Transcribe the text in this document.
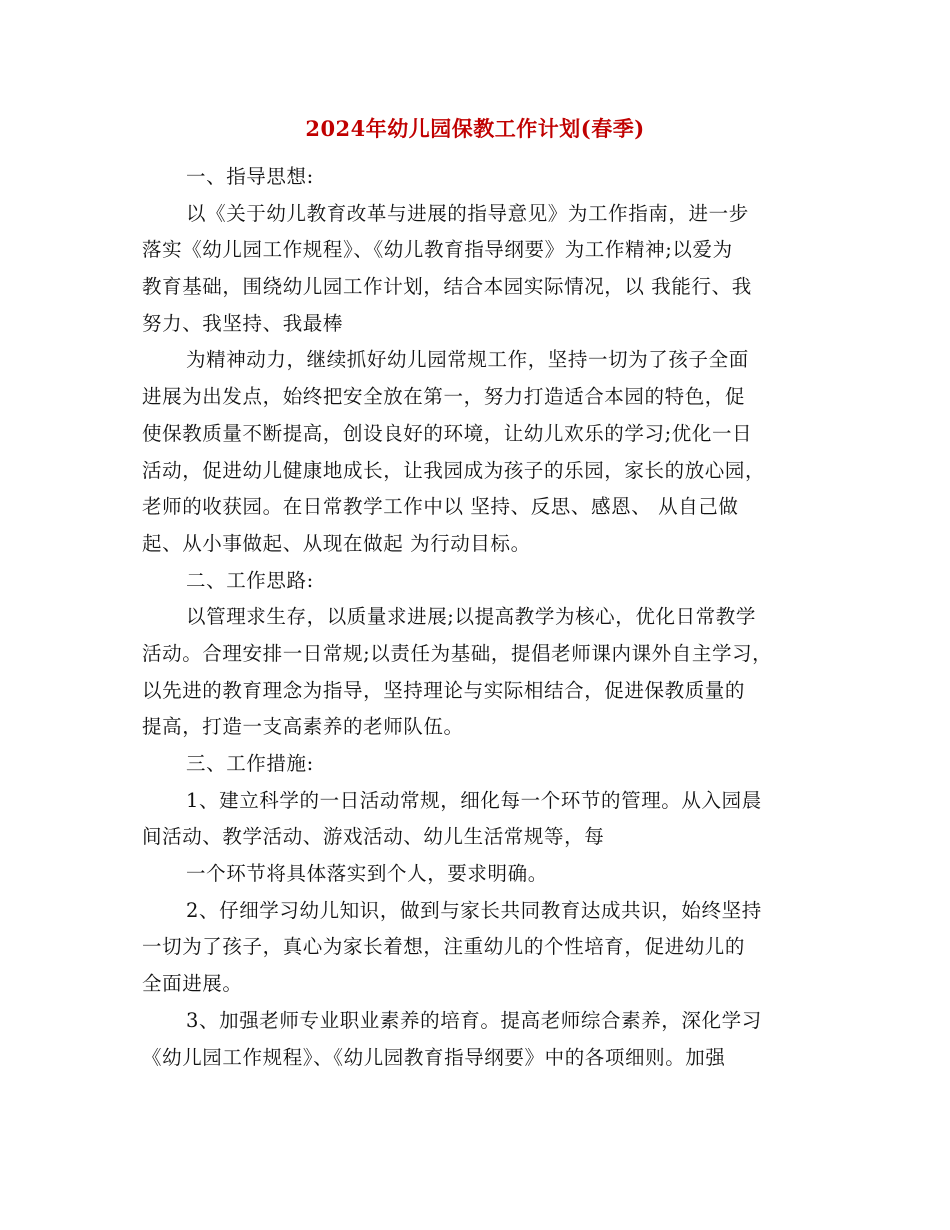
2024年幼儿园保教工作计划(春季)
一、指导思想:
以《关于幼儿教育改革与进展的指导意见》为工作指南，进一步
落实《幼儿园工作规程》、《幼儿教育指导纲要》为工作精神;以爱为
教育基础，围绕幼儿园工作计划，结合本园实际情况，以 我能行、我
努力、我坚持、我最棒
为精神动力，继续抓好幼儿园常规工作，坚持一切为了孩子全面
进展为出发点，始终把安全放在第一，努力打造适合本园的特色，促
使保教质量不断提高，创设良好的环境，让幼儿欢乐的学习;优化一日
活动，促进幼儿健康地成长，让我园成为孩子的乐园，家长的放心园，
老师的收获园。在日常教学工作中以 坚持、反思、感恩、 从自己做
起、从小事做起、从现在做起 为行动目标。
二、工作思路:
以管理求生存，以质量求进展;以提高教学为核心，优化日常教学
活动。合理安排一日常规;以责任为基础，提倡老师课内课外自主学习，
以先进的教育理念为指导，坚持理论与实际相结合，促进保教质量的
提高，打造一支高素养的老师队伍。
三、工作措施:
1、建立科学的一日活动常规，细化每一个环节的管理。从入园晨
间活动、教学活动、游戏活动、幼儿生活常规等，每
一个环节将具体落实到个人，要求明确。
2、仔细学习幼儿知识，做到与家长共同教育达成共识，始终坚持
一切为了孩子，真心为家长着想，注重幼儿的个性培育，促进幼儿的
全面进展。
3、加强老师专业职业素养的培育。提高老师综合素养，深化学习
《幼儿园工作规程》、《幼儿园教育指导纲要》中的各项细则。加强
